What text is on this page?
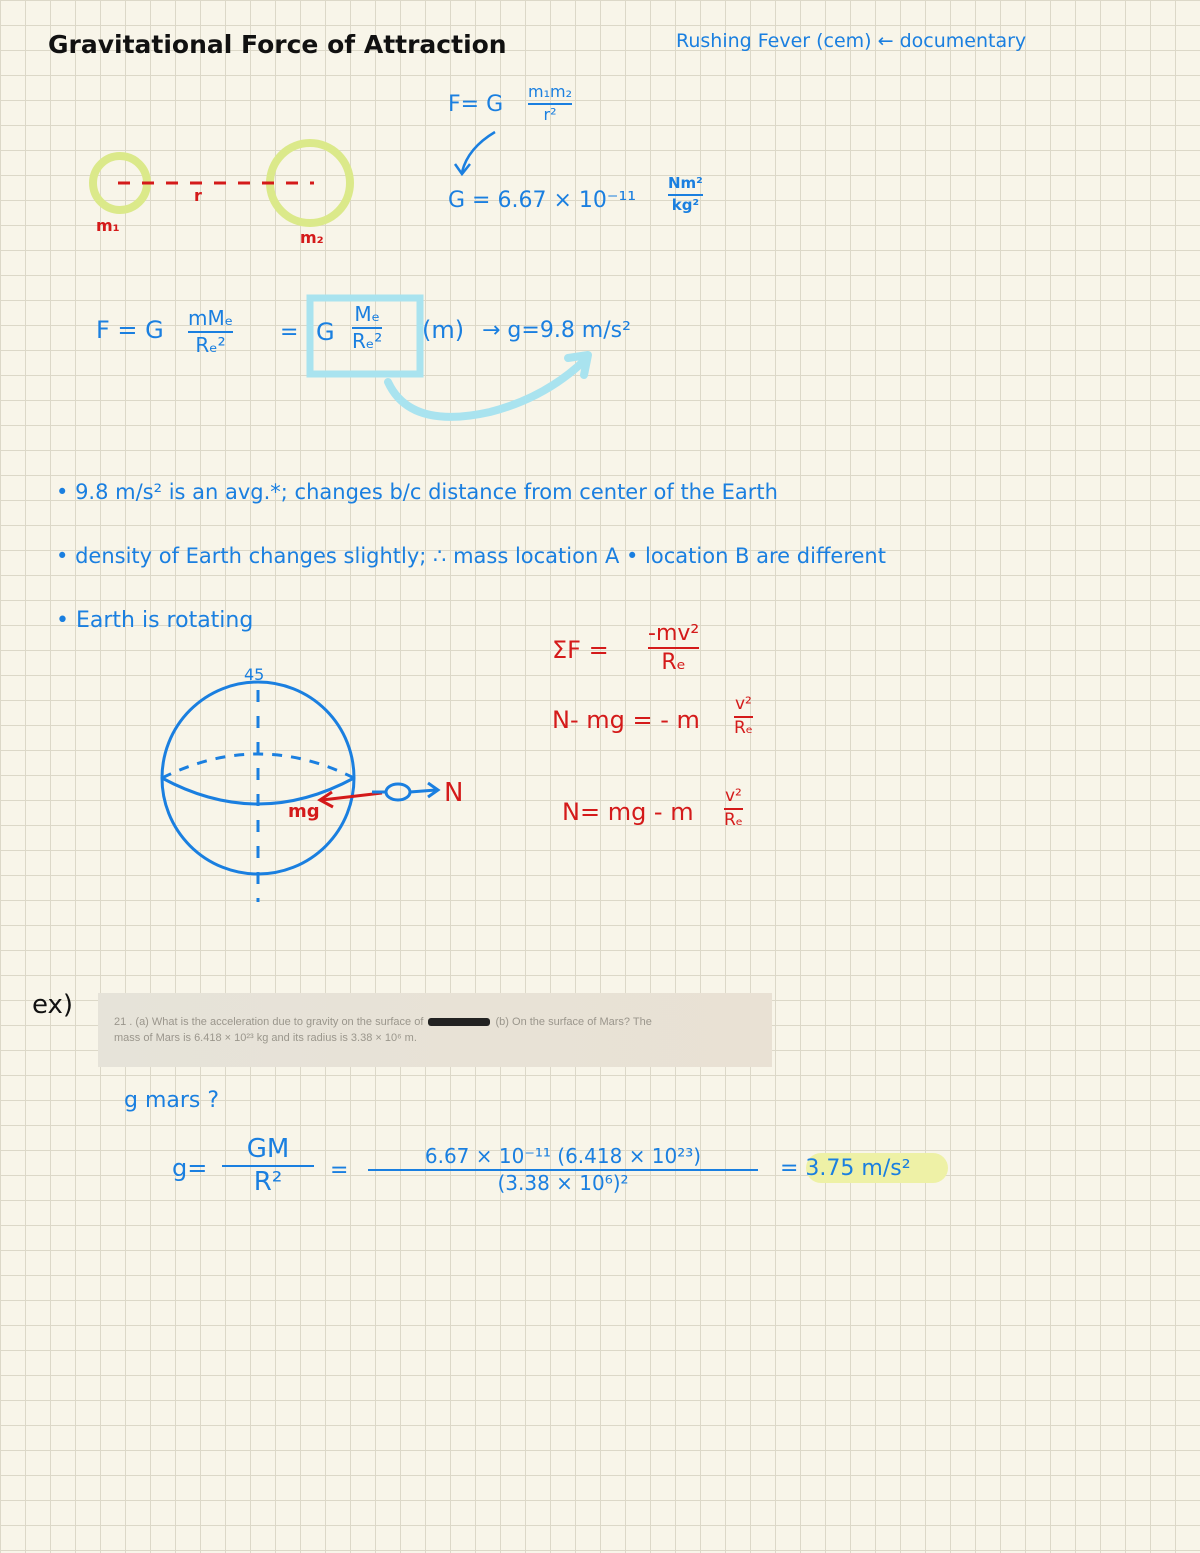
Gravitational Force of Attraction	Rushing Fever (cem) ← documentary
m₁
m₂
r
F= G
m₁m₂
r²
G = 6.67 × 10⁻¹¹
Nm²
kg²
F = G mMₑ
Rₑ² = G
Mₑ
Rₑ² (m) → g=9.8 m/s²
• 9.8 m/s² is an avg.*; changes b/c distance from center of the Earth
• density of Earth changes slightly; ∴ mass location A • location B are different
• Earth is rotating
45
mg
N
ΣF =
-mv²
Rₑ
N- mg = - m
v²
Rₑ
N= mg - m
v²
Rₑ
ex)
21 . (a) What is the acceleration due to gravity on the surface of	(b) On the surface of Mars? The
mass of Mars is 6.418 × 10²³ kg and its radius is 3.38 × 10⁶ m.
g mars ?
g=
GM
R² =
6.67 × 10⁻¹¹ (6.418 × 10²³)
(3.38 × 10⁶)²
= 3.75 m/s²
